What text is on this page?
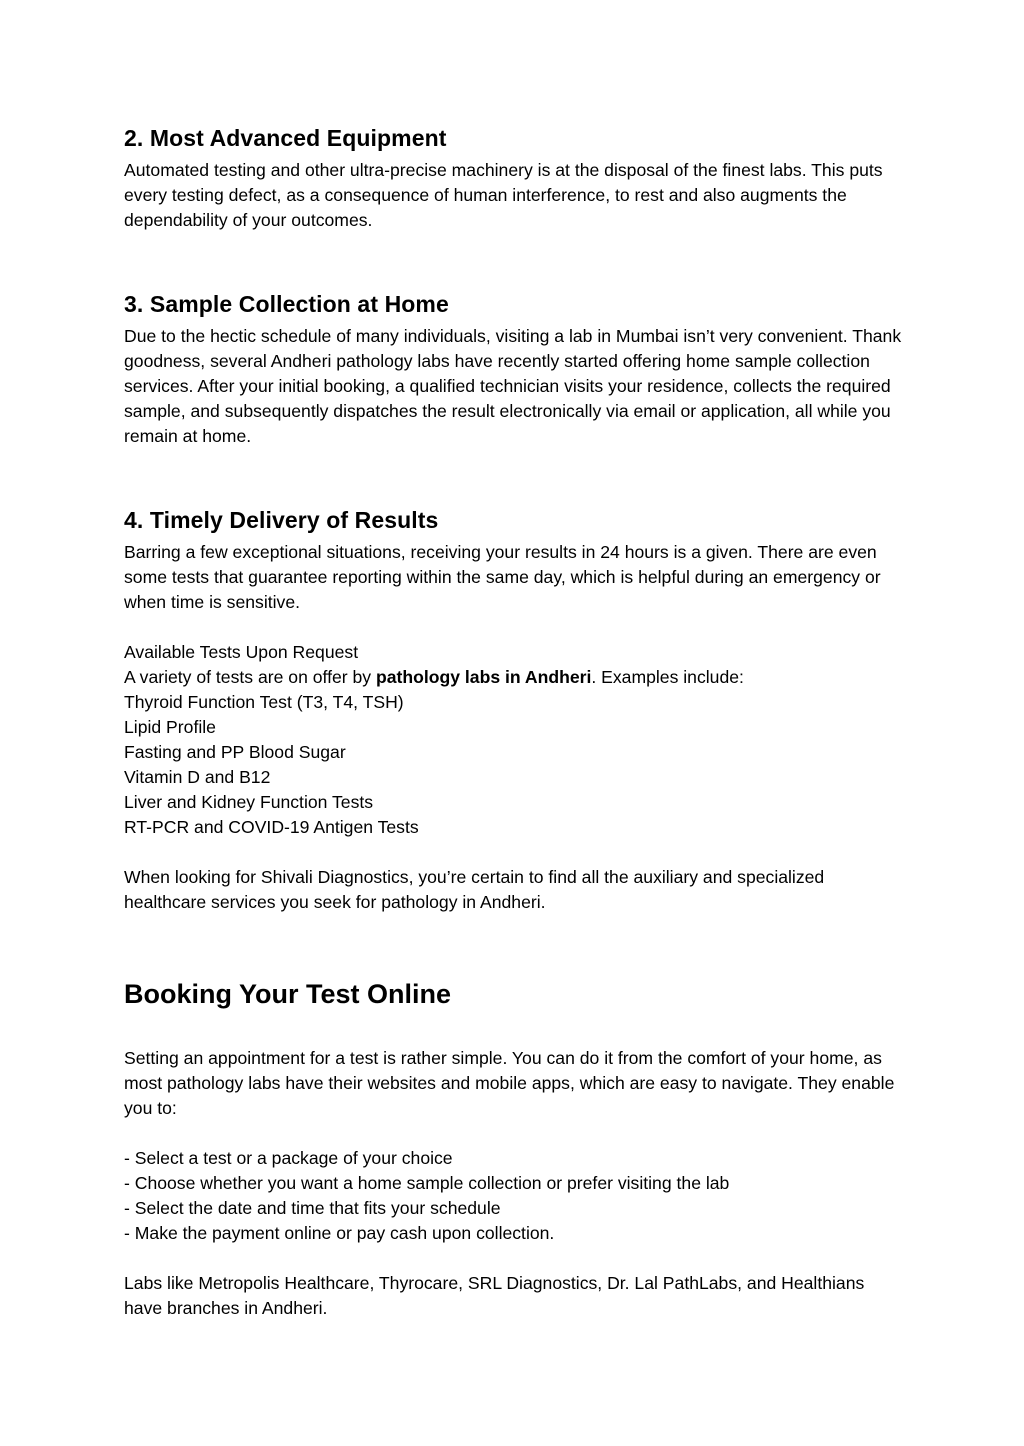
2. Most Advanced Equipment

Automated testing and other ultra-precise machinery is at the disposal of the finest labs. This puts every testing defect, as a consequence of human interference, to rest and also augments the dependability of your outcomes.

3. Sample Collection at Home

Due to the hectic schedule of many individuals, visiting a lab in Mumbai isn’t very convenient. Thank goodness, several Andheri pathology labs have recently started offering home sample collection services. After your initial booking, a qualified technician visits your residence, collects the required sample, and subsequently dispatches the result electronically via email or application, all while you remain at home.

4. Timely Delivery of Results

Barring a few exceptional situations, receiving your results in 24 hours is a given. There are even some tests that guarantee reporting within the same day, which is helpful during an emergency or when time is sensitive.

Available Tests Upon Request
A variety of tests are on offer by pathology labs in Andheri. Examples include:
Thyroid Function Test (T3, T4, TSH)
Lipid Profile
Fasting and PP Blood Sugar
Vitamin D and B12
Liver and Kidney Function Tests
RT-PCR and COVID-19 Antigen Tests

When looking for Shivali Diagnostics, you’re certain to find all the auxiliary and specialized healthcare services you seek for pathology in Andheri.

Booking Your Test Online

Setting an appointment for a test is rather simple. You can do it from the comfort of your home, as most pathology labs have their websites and mobile apps, which are easy to navigate. They enable you to:

- Select a test or a package of your choice
- Choose whether you want a home sample collection or prefer visiting the lab
- Select the date and time that fits your schedule
- Make the payment online or pay cash upon collection.

Labs like Metropolis Healthcare, Thyrocare, SRL Diagnostics, Dr. Lal PathLabs, and Healthians have branches in Andheri.
